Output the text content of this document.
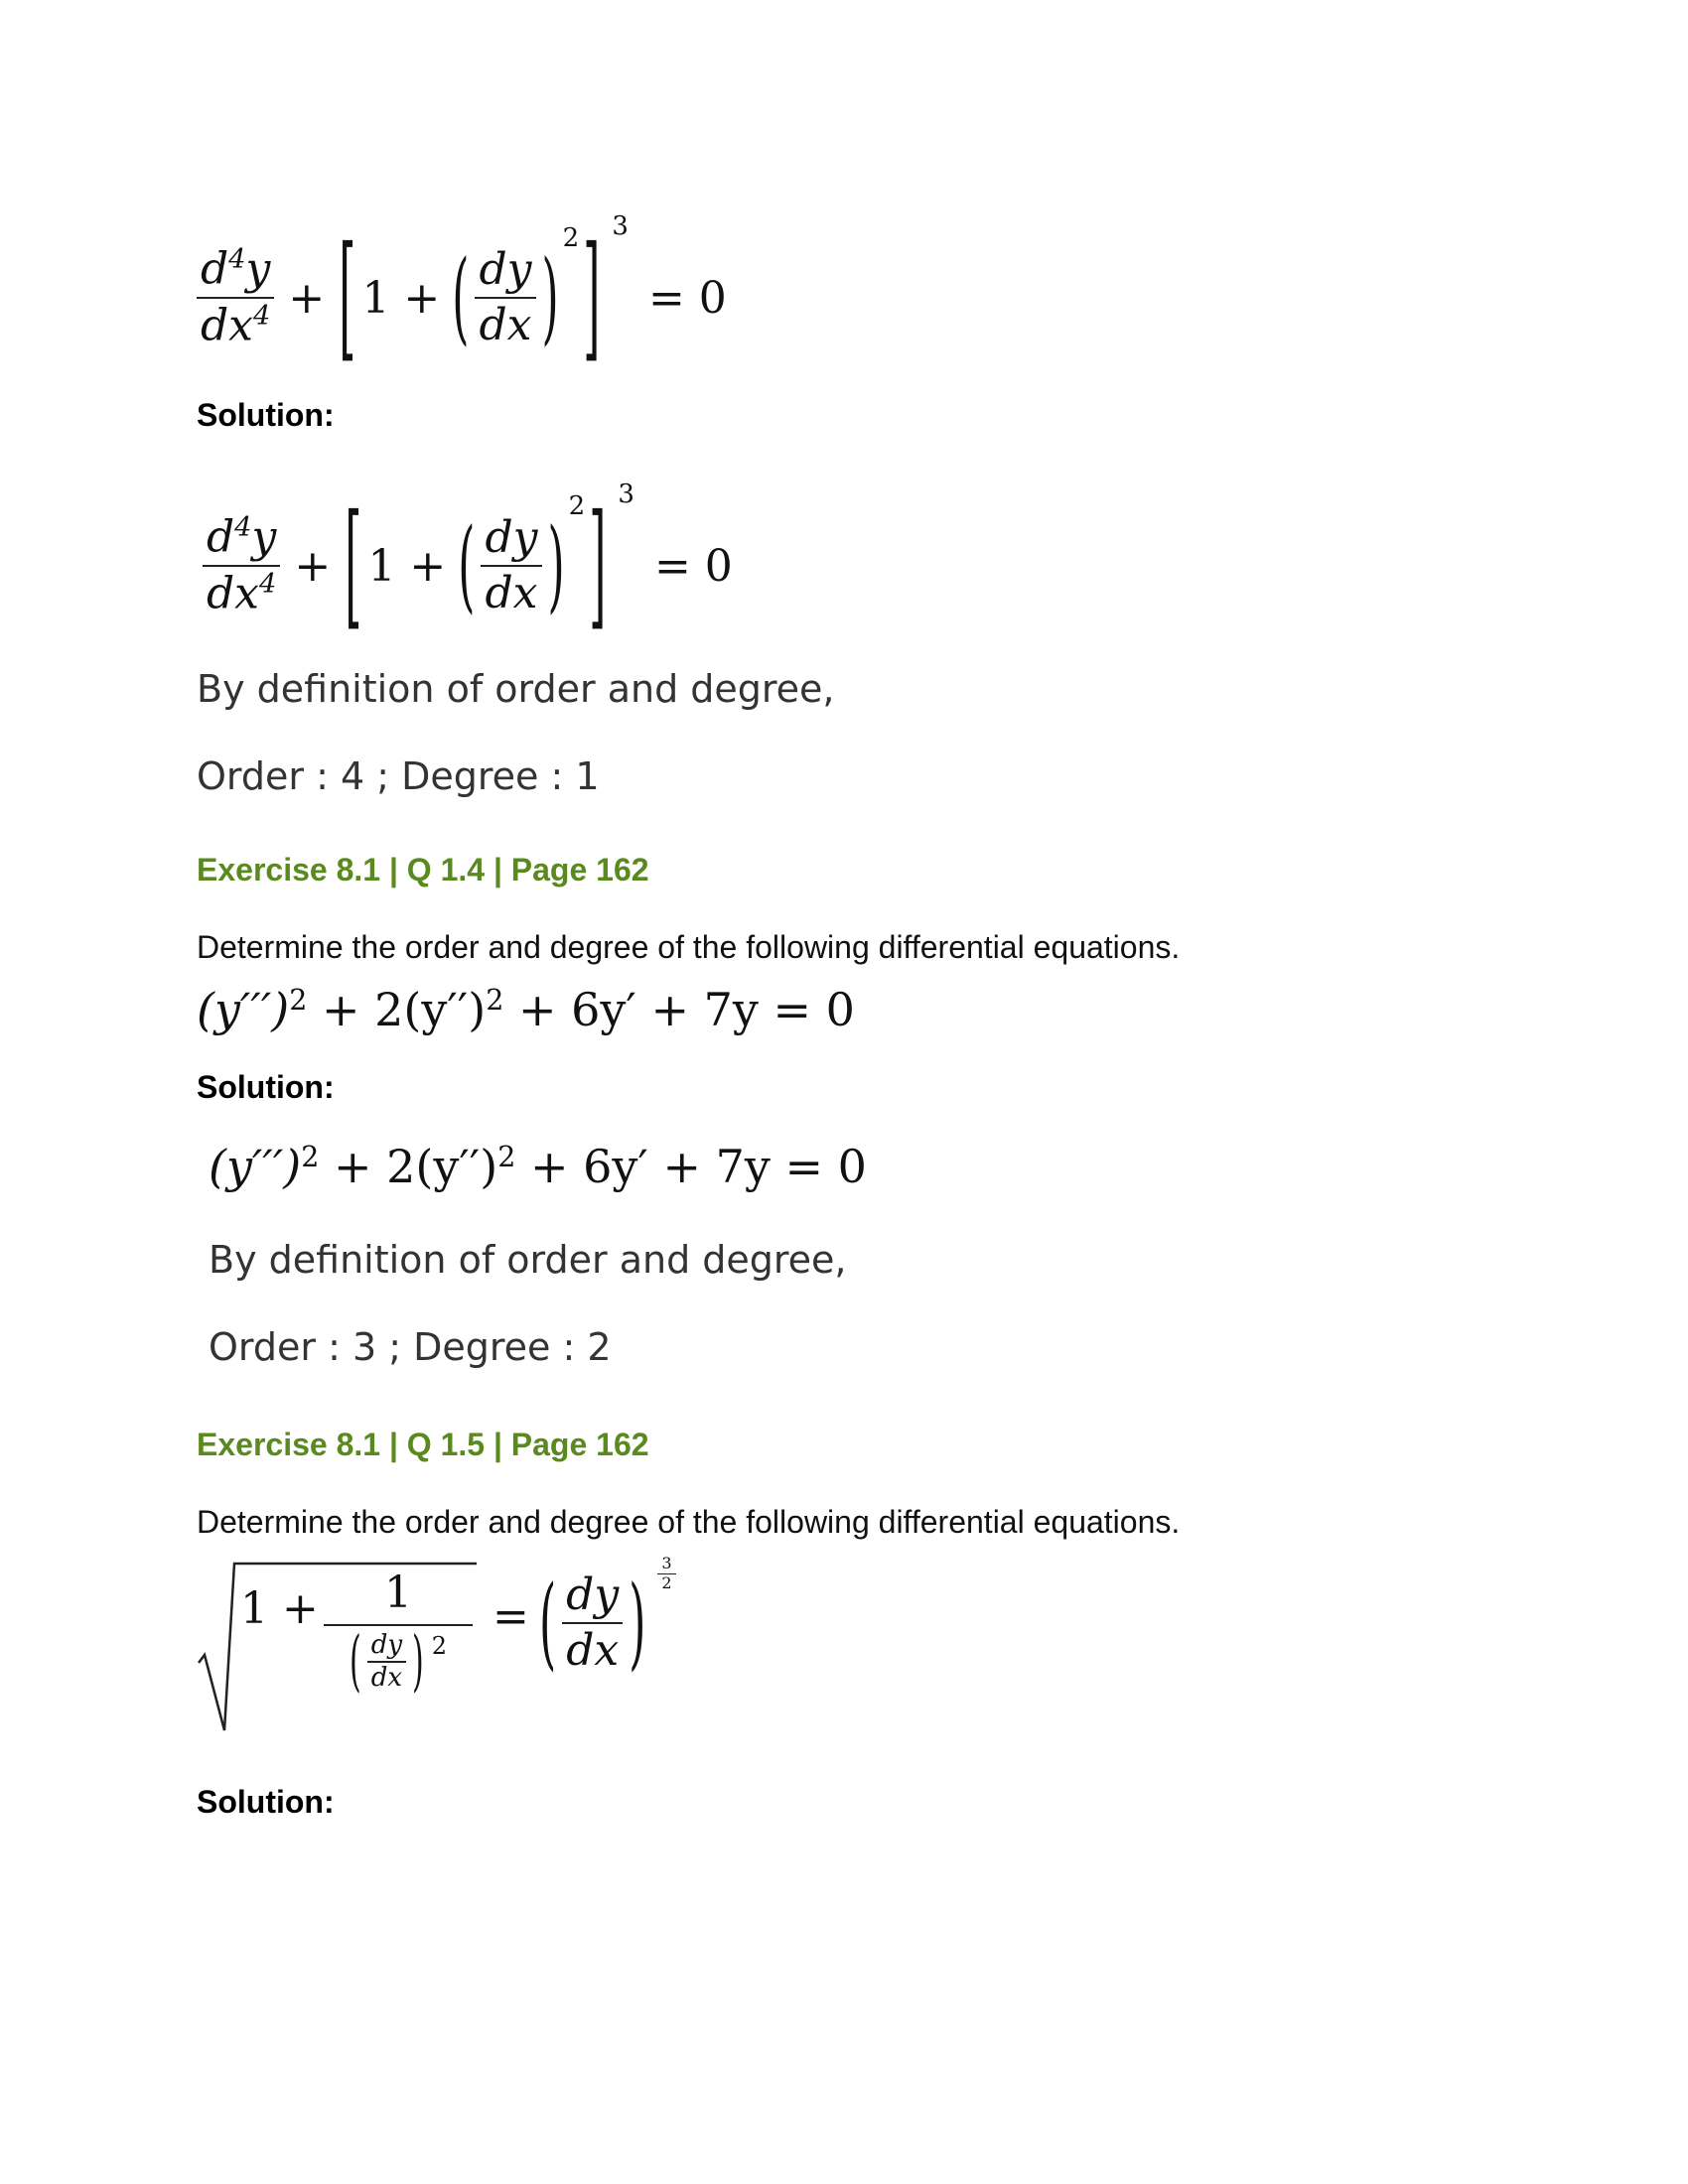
$\frac{d^4y}{dx^4}$ + [ 1 + ( $\frac{dy}{dx}$ )
2 ] 3
= 0
Solution:
$\frac{d^4y}{dx^4}$ + [ 1 + ( $\frac{dy}{dx}$ )
2 ] 3
= 0
By definition of order and degree,
Order : 4 ; Degree : 1
Exercise 8.1 | Q 1.4 | Page 162
Determine the order and degree of the following differential equations.
$(y''')^2 + 2(y'')^2 + 6y' + 7y = 0$
Solution:
$(y''')^2 + 2(y'')^2 + 6y' + 7y = 0$
By definition of order and degree,
Order : 3 ; Degree : 2
Exercise 8.1 | Q 1.5 | Page 162
Determine the order and degree of the following differential equations.
1 +	1
( $\frac{dy}{dx}$ ) 2
= ( $\frac{dy}{dx}$ ) $\frac{3}{2}$
Solution:
